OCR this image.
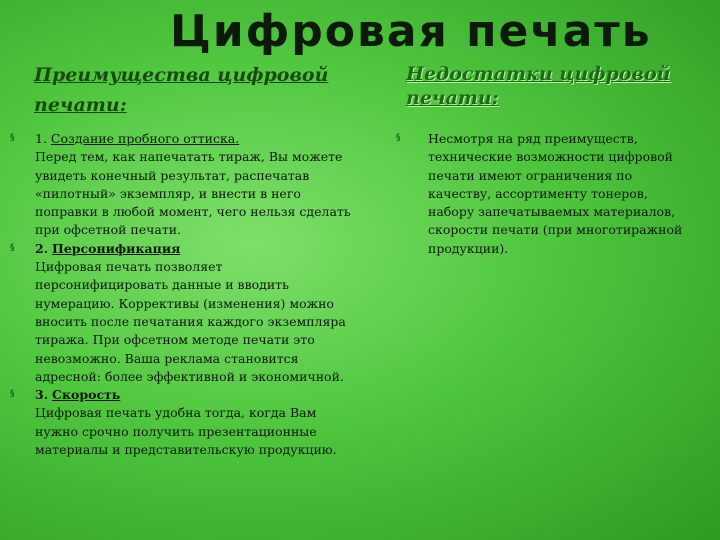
Цифровая печать
Преимущества цифровой
печати:
Недостатки цифровой
печати:
§ 1. Создание пробного оттиска.
Перед тем, как напечатать тираж, Вы можете
увидеть конечный результат, распечатав
«пилотный» экземпляр, и внести в него
поправки в любой момент, чего нельзя сделать
при офсетной печати.
§ 2. Персонификация
Цифровая печать позволяет
персонифицировать данные и вводить
нумерацию. Коррективы (изменения) можно
вносить после печатания каждого экземпляра
тиража. При офсетном методе печати это
невозможно. Ваша реклама становится
адресной: более эффективной и экономичной.
§ 3. Скорость
Цифровая печать удобна тогда, когда Вам
нужно срочно получить презентационные
материалы и представительскую продукцию.
§ Несмотря на ряд преимуществ,
технические возможности цифровой
печати имеют ограничения по
качеству, ассортименту тонеров,
набору запечатываемых материалов,
скорости печати (при многотиражной
продукции).
